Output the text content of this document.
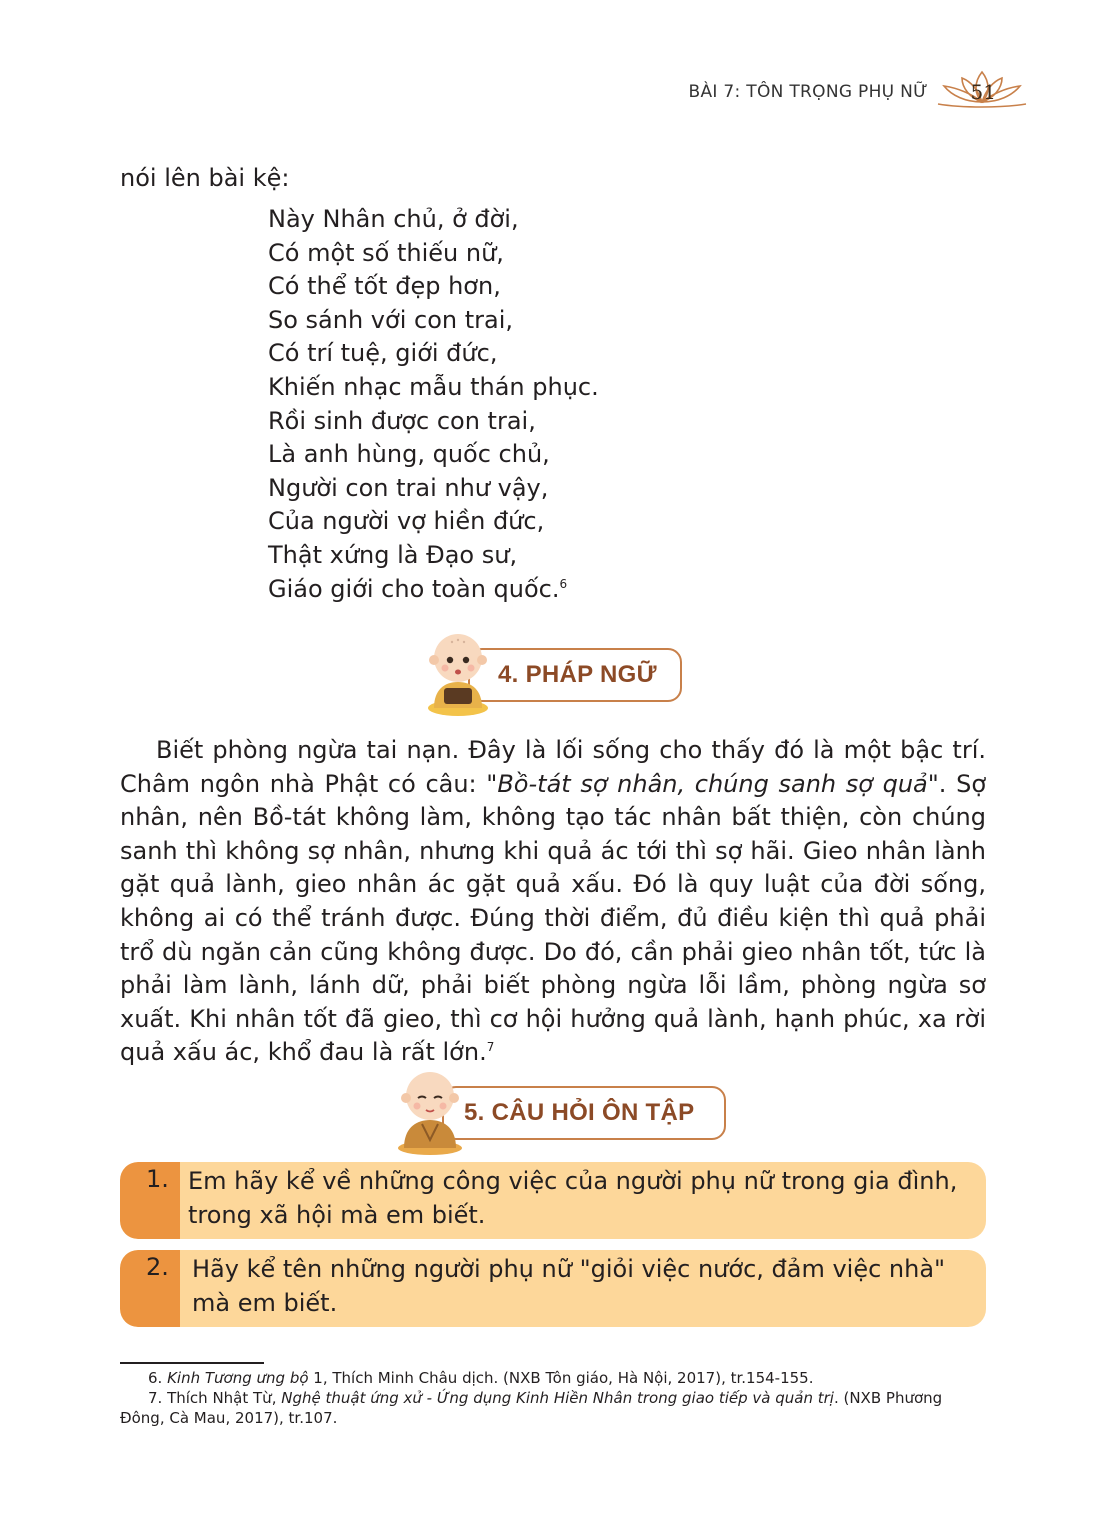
BÀI 7: TÔN TRỌNG PHỤ NỮ 51
nói lên bài kệ:
Này Nhân chủ, ở đời,
Có một số thiếu nữ,
Có thể tốt đẹp hơn,
So sánh với con trai,
Có trí tuệ, giới đức,
Khiến nhạc mẫu thán phục.
Rồi sinh được con trai,
Là anh hùng, quốc chủ,
Người con trai như vậy,
Của người vợ hiền đức,
Thật xứng là Đạo sư,
Giáo giới cho toàn quốc.$^6$
4. PHÁP NGỮ
Biết phòng ngừa tai nạn. Đây là lối sống cho thấy đó là một bậc trí. Châm ngôn nhà Phật có câu: "Bồ-tát sợ nhân, chúng sanh sợ quả". Sợ nhân, nên Bồ-tát không làm, không tạo tác nhân bất thiện, còn chúng sanh thì không sợ nhân, nhưng khi quả ác tới thì sợ hãi. Gieo nhân lành gặt quả lành, gieo nhân ác gặt quả xấu. Đó là quy luật của đời sống, không ai có thể tránh được. Đúng thời điểm, đủ điều kiện thì quả phải trổ dù ngăn cản cũng không được. Do đó, cần phải gieo nhân tốt, tức là phải làm lành, lánh dữ, phải biết phòng ngừa lỗi lầm, phòng ngừa sơ xuất. Khi nhân tốt đã gieo, thì cơ hội hưởng quả lành, hạnh phúc, xa rời quả xấu ác, khổ đau là rất lớn.$^7$
5. CÂU HỎI ÔN TẬP
1. Em hãy kể về những công việc của người phụ nữ trong gia đình, trong xã hội mà em biết.
2. Hãy kể tên những người phụ nữ "giỏi việc nước, đảm việc nhà" mà em biết.
6. Kinh Tương ưng bộ 1, Thích Minh Châu dịch. (NXB Tôn giáo, Hà Nội, 2017), tr.154-155.
7. Thích Nhật Từ, Nghệ thuật ứng xử - Ứng dụng Kinh Hiền Nhân trong giao tiếp và quản trị. (NXB Phương Đông, Cà Mau, 2017), tr.107.
